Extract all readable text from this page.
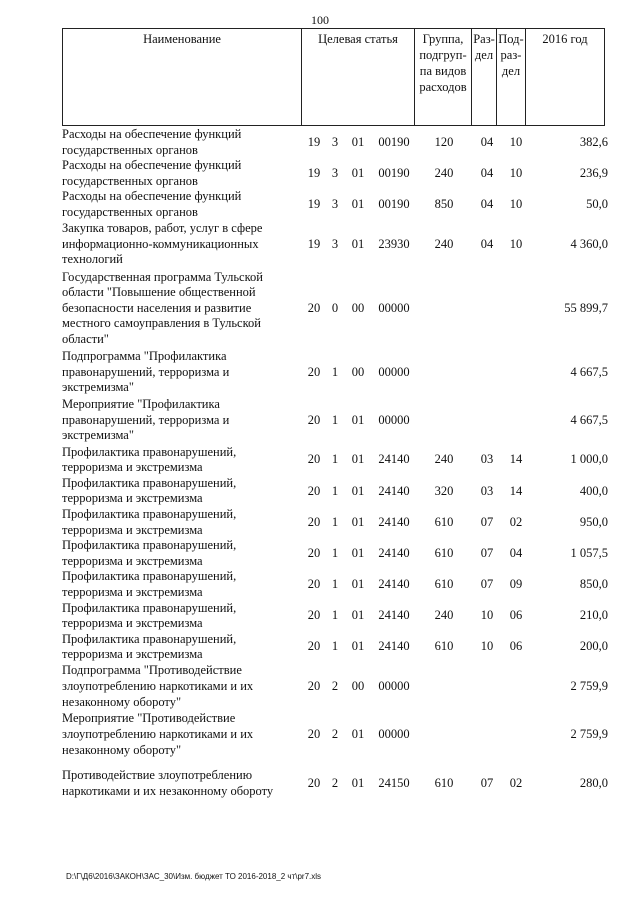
100
Наименование	Целевая статья	Группа, подгруп-па видов расходов	Раз-дел	Под-раз-дел	2016 год
Расходы на обеспечение функций государственных органов	19	3	01	00190	120	04	10	382,6
Расходы на обеспечение функций государственных органов	19	3	01	00190	240	04	10	236,9
Расходы на обеспечение функций государственных органов	19	3	01	00190	850	04	10	50,0
Закупка товаров, работ, услуг в сфере информационно-коммуникационных технологий	19	3	01	23930	240	04	10	4 360,0
Государственная программа Тульской области "Повышение общественной безопасности населения и развитие местного самоуправления в Тульской области"	20	0	00	00000				55 899,7
Подпрограмма "Профилактика правонарушений, терроризма и экстремизма"	20	1	00	00000				4 667,5
Мероприятие "Профилактика правонарушений, терроризма и экстремизма"	20	1	01	00000				4 667,5
Профилактика правонарушений, терроризма и экстремизма	20	1	01	24140	240	03	14	1 000,0
Профилактика правонарушений, терроризма и экстремизма	20	1	01	24140	320	03	14	400,0
Профилактика правонарушений, терроризма и экстремизма	20	1	01	24140	610	07	02	950,0
Профилактика правонарушений, терроризма и экстремизма	20	1	01	24140	610	07	04	1 057,5
Профилактика правонарушений, терроризма и экстремизма	20	1	01	24140	610	07	09	850,0
Профилактика правонарушений, терроризма и экстремизма	20	1	01	24140	240	10	06	210,0
Профилактика правонарушений, терроризма и экстремизма	20	1	01	24140	610	10	06	200,0
Подпрограмма "Противодействие злоупотреблению наркотиками и их незаконному обороту"	20	2	00	00000				2 759,9
Мероприятие "Противодействие злоупотреблению наркотиками и их незаконному обороту"	20	2	01	00000				2 759,9
Противодействие злоупотреблению наркотиками и их незаконному обороту	20	2	01	24150	610	07	02	280,0
D:\Г\Д6\2016\ЗАКОН\ЗАС_30\Изм. бюджет ТО 2016-2018_2 чт\pr7.xls
